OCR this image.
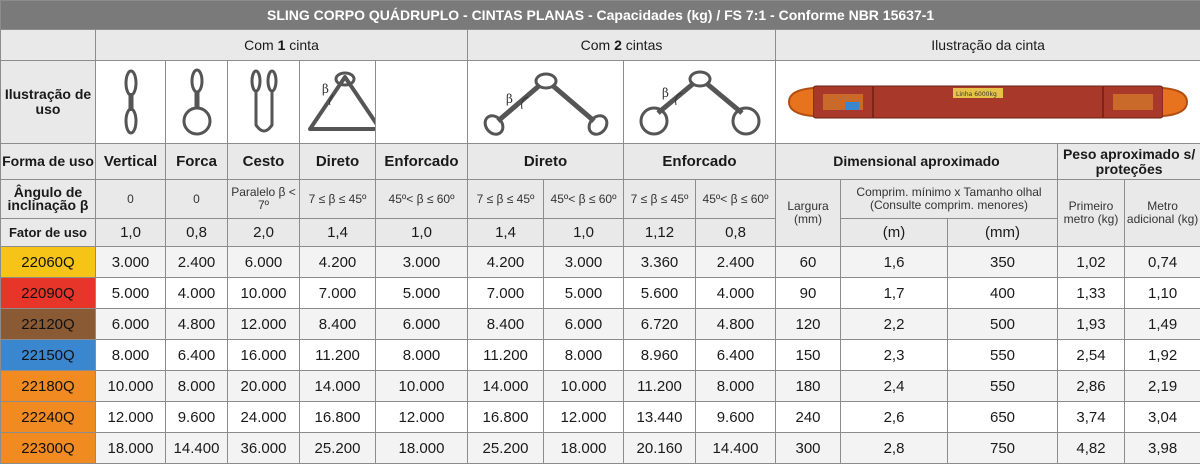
SLING CORPO QUÁDRUPLO - CINTAS PLANAS - Capacidades (kg) / FS 7:1 - Conforme NBR 15637-1														
	Com 1 cinta					Com 2 cintas				Ilustração da cinta				
Ilustração de uso				β		β		β		Linha 6000kg				

Forma de uso	Vertical	Forca	Cesto	Direto	Enforcado	Direto		Enforcado		Dimensional aproximado			Peso aproximado s/ proteções	
Ângulo de inclinação β	0	0	Paralelo β < 7º	7 ≤ β ≤ 45º	45º< β ≤ 60º	7 ≤ β ≤ 45º	45º< β ≤ 60º	7 ≤ β ≤ 45º	45º< β ≤ 60º	Largura (mm)	Comprim. mínimo x Tamanho olhal (Consulte comprim. menores)		Primeiro metro (kg)	Metro adicional (kg)
Fator de uso	1,0	0,8	2,0	1,4	1,0	1,4	1,0	1,12	0,8		(m)	(mm)		
22060Q	3.000	2.400	6.000	4.200	3.000	4.200	3.000	3.360	2.400	60	1,6	350	1,02	0,74
22090Q	5.000	4.000	10.000	7.000	5.000	7.000	5.000	5.600	4.000	90	1,7	400	1,33	1,10
22120Q	6.000	4.800	12.000	8.400	6.000	8.400	6.000	6.720	4.800	120	2,2	500	1,93	1,49
22150Q	8.000	6.400	16.000	11.200	8.000	11.200	8.000	8.960	6.400	150	2,3	550	2,54	1,92
22180Q	10.000	8.000	20.000	14.000	10.000	14.000	10.000	11.200	8.000	180	2,4	550	2,86	2,19
22240Q	12.000	9.600	24.000	16.800	12.000	16.800	12.000	13.440	9.600	240	2,6	650	3,74	3,04
22300Q	18.000	14.400	36.000	25.200	18.000	25.200	18.000	20.160	14.400	300	2,8	750	4,82	3,98
